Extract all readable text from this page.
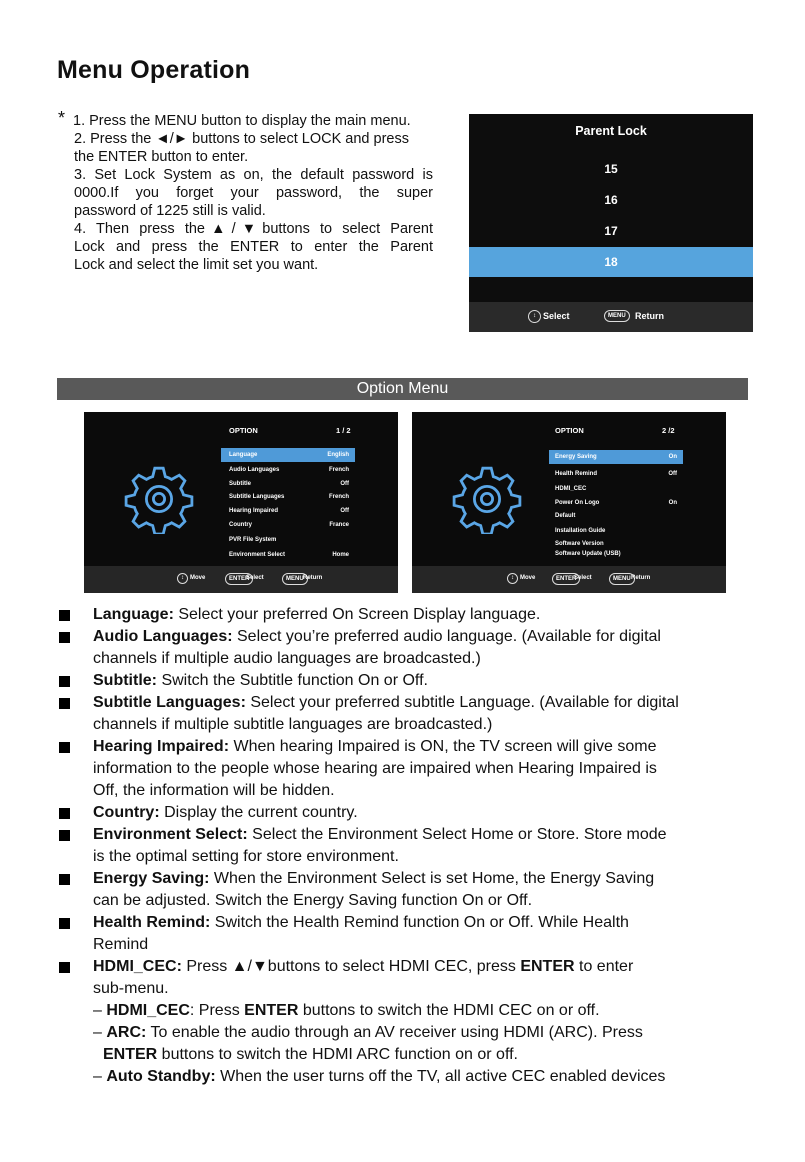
Menu Operation
* 1. Press the MENU button to display the main menu.
2. Press the ◄/► buttons to select LOCK and press
the ENTER button to enter.
3. Set Lock System as on, the default password is
0000.If you forget your password, the super
password of 1225 still is valid.
4. Then press the▲/▼buttons to select Parent
Lock and press the ENTER to enter the Parent
Lock and select the limit set you want.
Parent Lock
15
16
17
18
↕ Select	MENU	Return
Option Menu
OPTION	1 / 2
Language	English
Audio Languages	French
Subtitle	Off
Subtitle Languages	French
Hearing Impaired	Off
Country	France
PVR File System
Environment Select	Home
↕	Move	ENTER
Select	MENU Return
OPTION	2 /2
Energy Saving	On
Health Remind	Off
HDMI_CEC
Power On Logo	On
Default
Installation Guide
Software Version
Software Update (USB)
↕	Move	ENTER
Select	MENU Return
Language: Select your preferred On Screen Display language.
Audio Languages: Select you’re preferred audio language. (Available for digital
channels if multiple audio languages are broadcasted.)
Subtitle: Switch the Subtitle function On or Off.
Subtitle Languages: Select your preferred subtitle Language. (Available for digital
channels if multiple subtitle languages are broadcasted.)
Hearing Impaired: When hearing Impaired is ON, the TV screen will give some
information to the people whose hearing are impaired when Hearing Impaired is
Off, the information will be hidden.
Country: Display the current country.
Environment Select: Select the Environment Select Home or Store. Store mode
is the optimal setting for store environment.
Energy Saving: When the Environment Select is set Home, the Energy Saving
can be adjusted. Switch the Energy Saving function On or Off.
Health Remind: Switch the Health Remind function On or Off. While Health
Remind
HDMI_CEC: Press ▲/▼buttons to select HDMI CEC, press ENTER to enter
sub-menu.
– HDMI_CEC: Press ENTER buttons to switch the HDMI CEC on or off.
– ARC: To enable the audio through an AV receiver using HDMI (ARC). Press
ENTER buttons to switch the HDMI ARC function on or off.
– Auto Standby: When the user turns off the TV, all active CEC enabled devices
